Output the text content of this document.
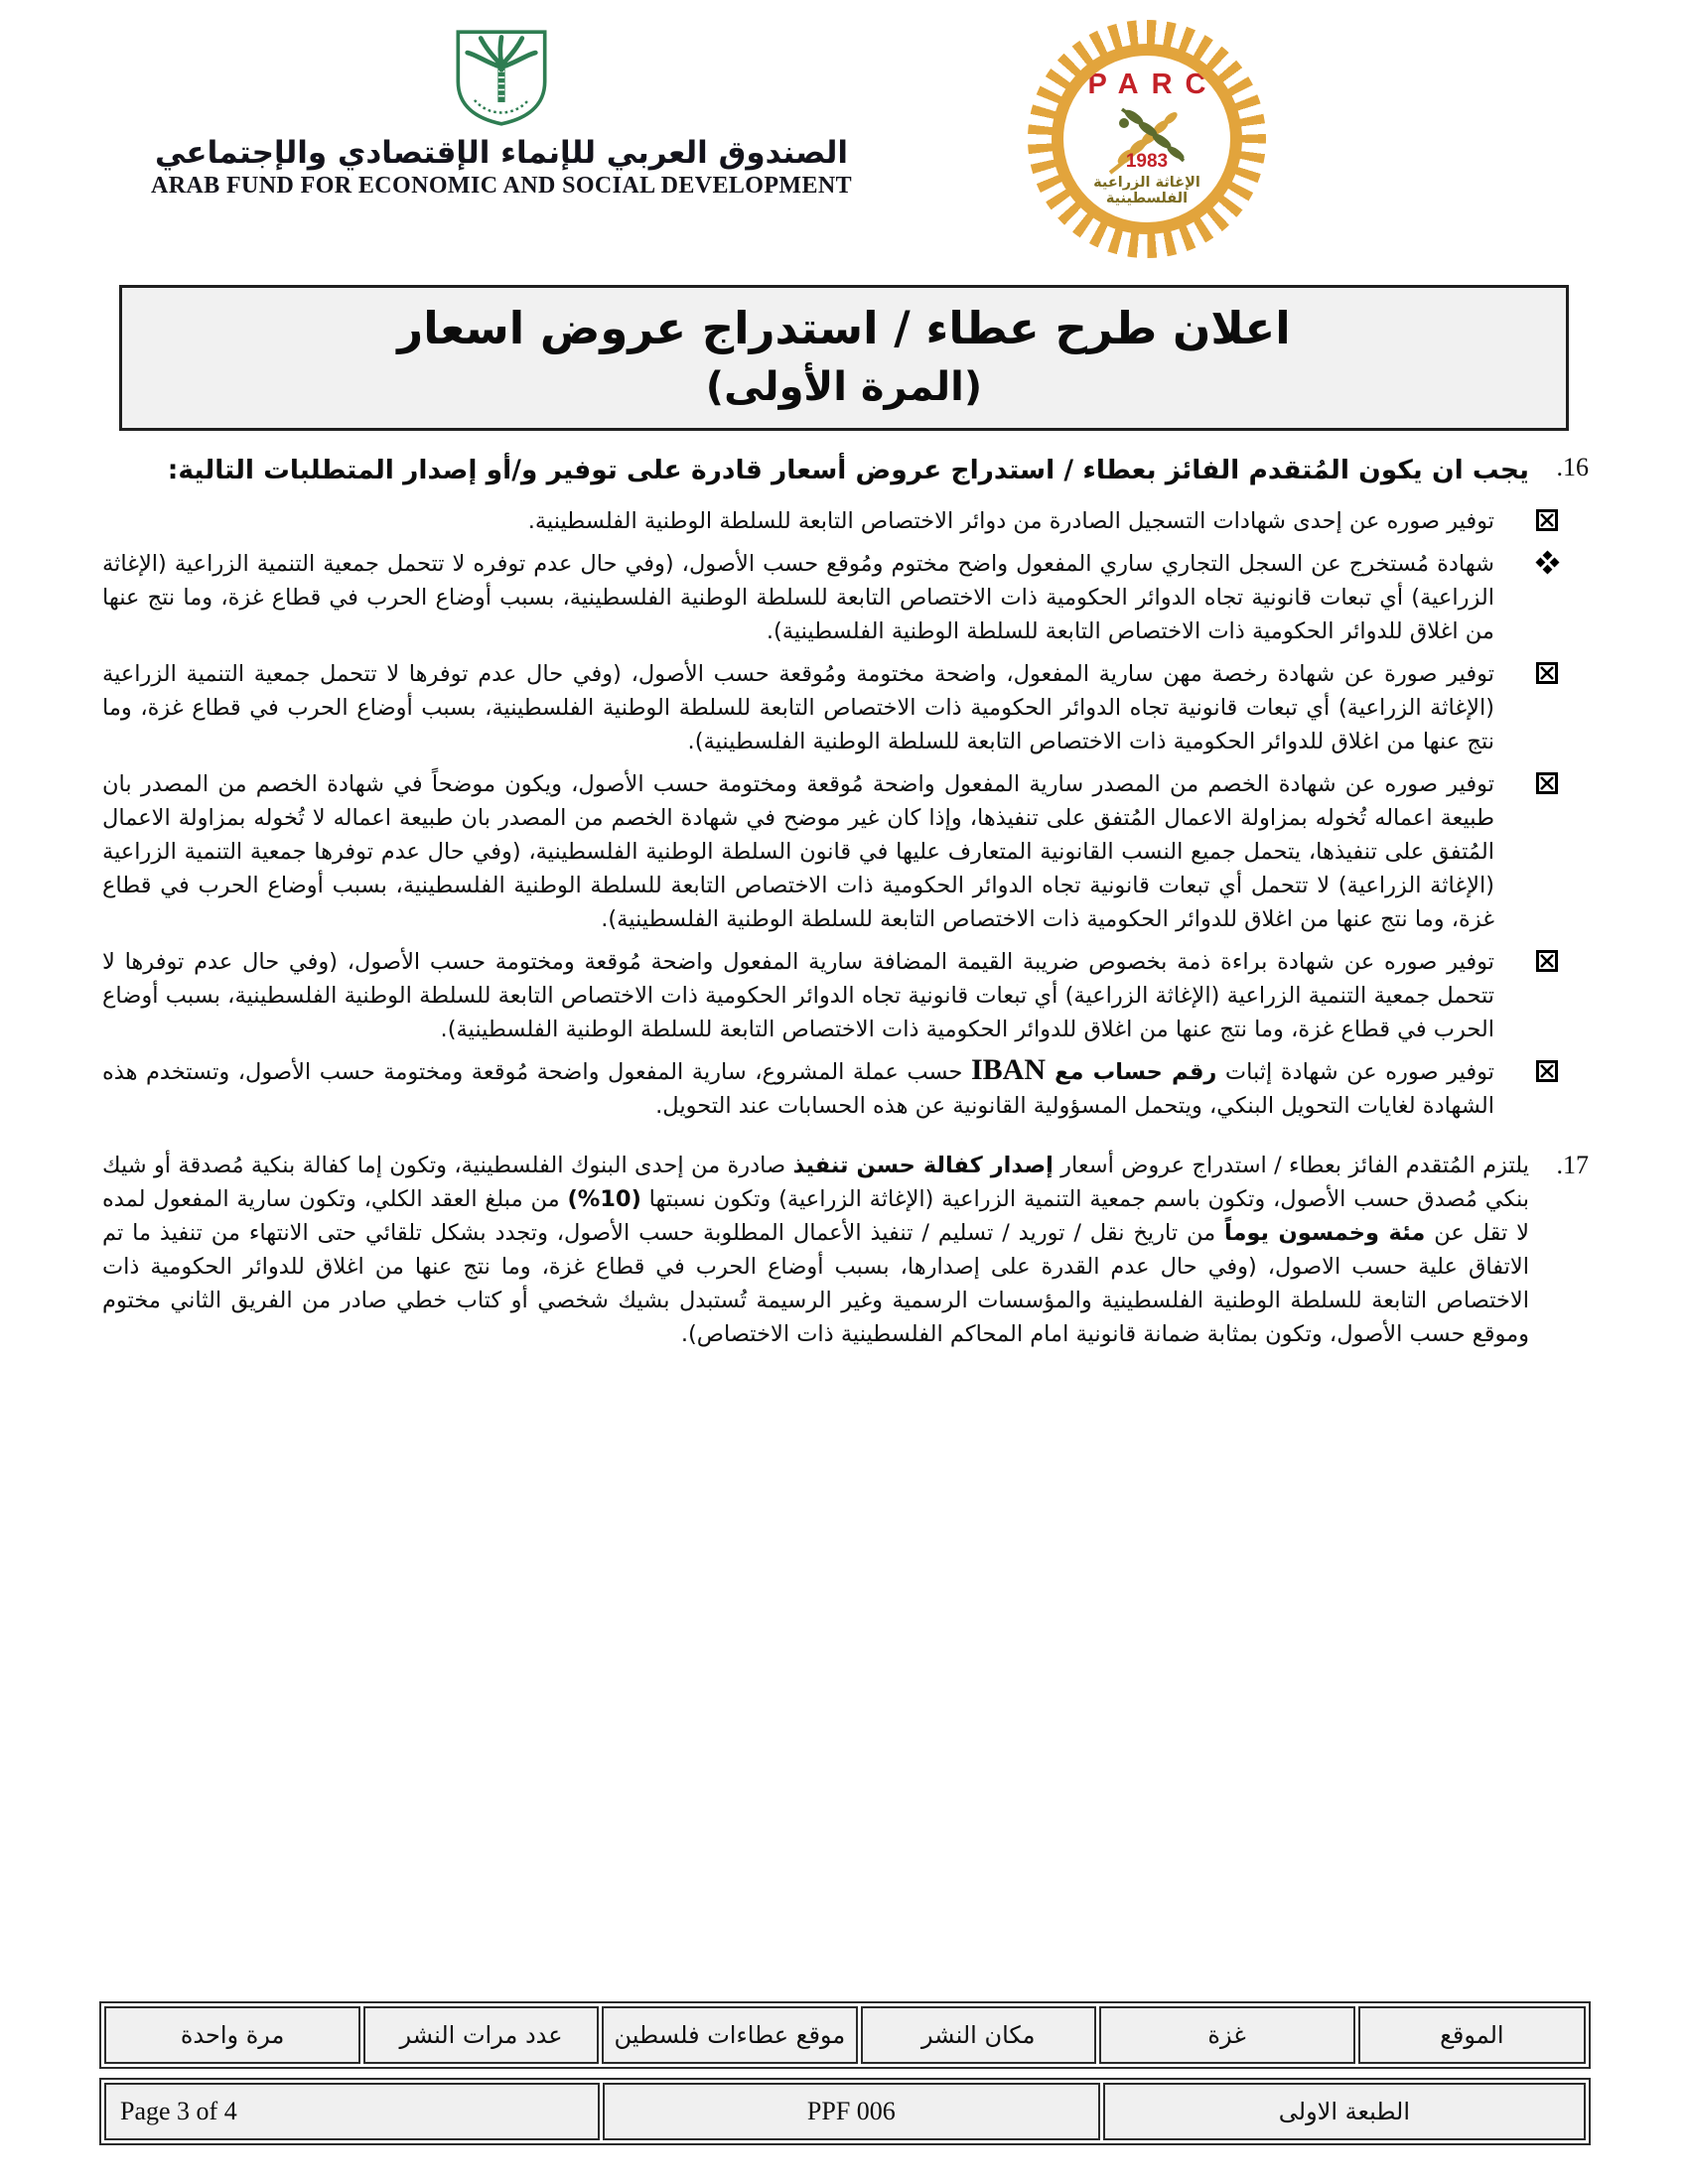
الصندوق العربي للإنماء الإقتصادي والإجتماعي
ARAB FUND FOR ECONOMIC AND SOCIAL DEVELOPMENT
PARC
1983
الإغاثة الزراعية الفلسطينية
اعلان طرح عطاء / استدراج عروض اسعار
(المرة الأولى)
16.
يجب ان يكون المُتقدم الفائز بعطاء / استدراج عروض أسعار قادرة على توفير و/أو إصدار المتطلبات التالية:
توفير صوره عن إحدى شهادات التسجيل الصادرة من دوائر الاختصاص التابعة للسلطة الوطنية الفلسطينية.
شهادة مُستخرج عن السجل التجاري ساري المفعول واضح مختوم ومُوقع حسب الأصول، (وفي حال عدم توفره لا تتحمل جمعية التنمية الزراعية (الإغاثة الزراعية) أي تبعات قانونية تجاه الدوائر الحكومية ذات الاختصاص التابعة للسلطة الوطنية الفلسطينية، بسبب أوضاع الحرب في قطاع غزة، وما نتج عنها من اغلاق للدوائر الحكومية ذات الاختصاص التابعة للسلطة الوطنية الفلسطينية).
توفير صورة عن شهادة رخصة مهن سارية المفعول، واضحة مختومة ومُوقعة حسب الأصول، (وفي حال عدم توفرها لا تتحمل جمعية التنمية الزراعية (الإغاثة الزراعية) أي تبعات قانونية تجاه الدوائر الحكومية ذات الاختصاص التابعة للسلطة الوطنية الفلسطينية، بسبب أوضاع الحرب في قطاع غزة، وما نتج عنها من اغلاق للدوائر الحكومية ذات الاختصاص التابعة للسلطة الوطنية الفلسطينية).
توفير صوره عن شهادة الخصم من المصدر سارية المفعول واضحة مُوقعة ومختومة حسب الأصول، ويكون موضحاً في شهادة الخصم من المصدر بان طبيعة اعماله تُخوله بمزاولة الاعمال المُتفق على تنفيذها، وإذا كان غير موضح في شهادة الخصم من المصدر بان طبيعة اعماله لا تُخوله بمزاولة الاعمال المُتفق على تنفيذها، يتحمل جميع النسب القانونية المتعارف عليها في قانون السلطة الوطنية الفلسطينية، (وفي حال عدم توفرها جمعية التنمية الزراعية (الإغاثة الزراعية) لا تتحمل أي تبعات قانونية تجاه الدوائر الحكومية ذات الاختصاص التابعة للسلطة الوطنية الفلسطينية، بسبب أوضاع الحرب في قطاع غزة، وما نتج عنها من اغلاق للدوائر الحكومية ذات الاختصاص التابعة للسلطة الوطنية الفلسطينية).
توفير صوره عن شهادة براءة ذمة بخصوص ضريبة القيمة المضافة سارية المفعول واضحة مُوقعة ومختومة حسب الأصول، (وفي حال عدم توفرها لا تتحمل جمعية التنمية الزراعية (الإغاثة الزراعية) أي تبعات قانونية تجاه الدوائر الحكومية ذات الاختصاص التابعة للسلطة الوطنية الفلسطينية، بسبب أوضاع الحرب في قطاع غزة، وما نتج عنها من اغلاق للدوائر الحكومية ذات الاختصاص التابعة للسلطة الوطنية الفلسطينية).
توفير صوره عن شهادة إثبات رقم حساب مع IBAN حسب عملة المشروع، سارية المفعول واضحة مُوقعة ومختومة حسب الأصول، وتستخدم هذه الشهادة لغايات التحويل البنكي، ويتحمل المسؤولية القانونية عن هذه الحسابات عند التحويل.
17.
يلتزم المُتقدم الفائز بعطاء / استدراج عروض أسعار إصدار كفالة حسن تنفيذ صادرة من إحدى البنوك الفلسطينية، وتكون إما كفالة بنكية مُصدقة أو شيك بنكي مُصدق حسب الأصول، وتكون باسم جمعية التنمية الزراعية (الإغاثة الزراعية) وتكون نسبتها (10%) من مبلغ العقد الكلي، وتكون سارية المفعول لمده لا تقل عن مئة وخمسون يوماً من تاريخ نقل / توريد / تسليم / تنفيذ الأعمال المطلوبة حسب الأصول، وتجدد بشكل تلقائي حتى الانتهاء من تنفيذ ما تم الاتفاق علية حسب الاصول، (وفي حال عدم القدرة على إصدارها، بسبب أوضاع الحرب في قطاع غزة، وما نتج عنها من اغلاق للدوائر الحكومية ذات الاختصاص التابعة للسلطة الوطنية الفلسطينية والمؤسسات الرسمية وغير الرسيمة تُستبدل بشيك شخصي أو كتاب خطي صادر من الفريق الثاني مختوم وموقع حسب الأصول، وتكون بمثابة ضمانة قانونية امام المحاكم الفلسطينية ذات الاختصاص).
الموقع	غزة	مكان النشر	موقع عطاءات فلسطين	عدد مرات النشر	مرة واحدة
الطبعة الاولى	PPF 006	Page 3 of 4
